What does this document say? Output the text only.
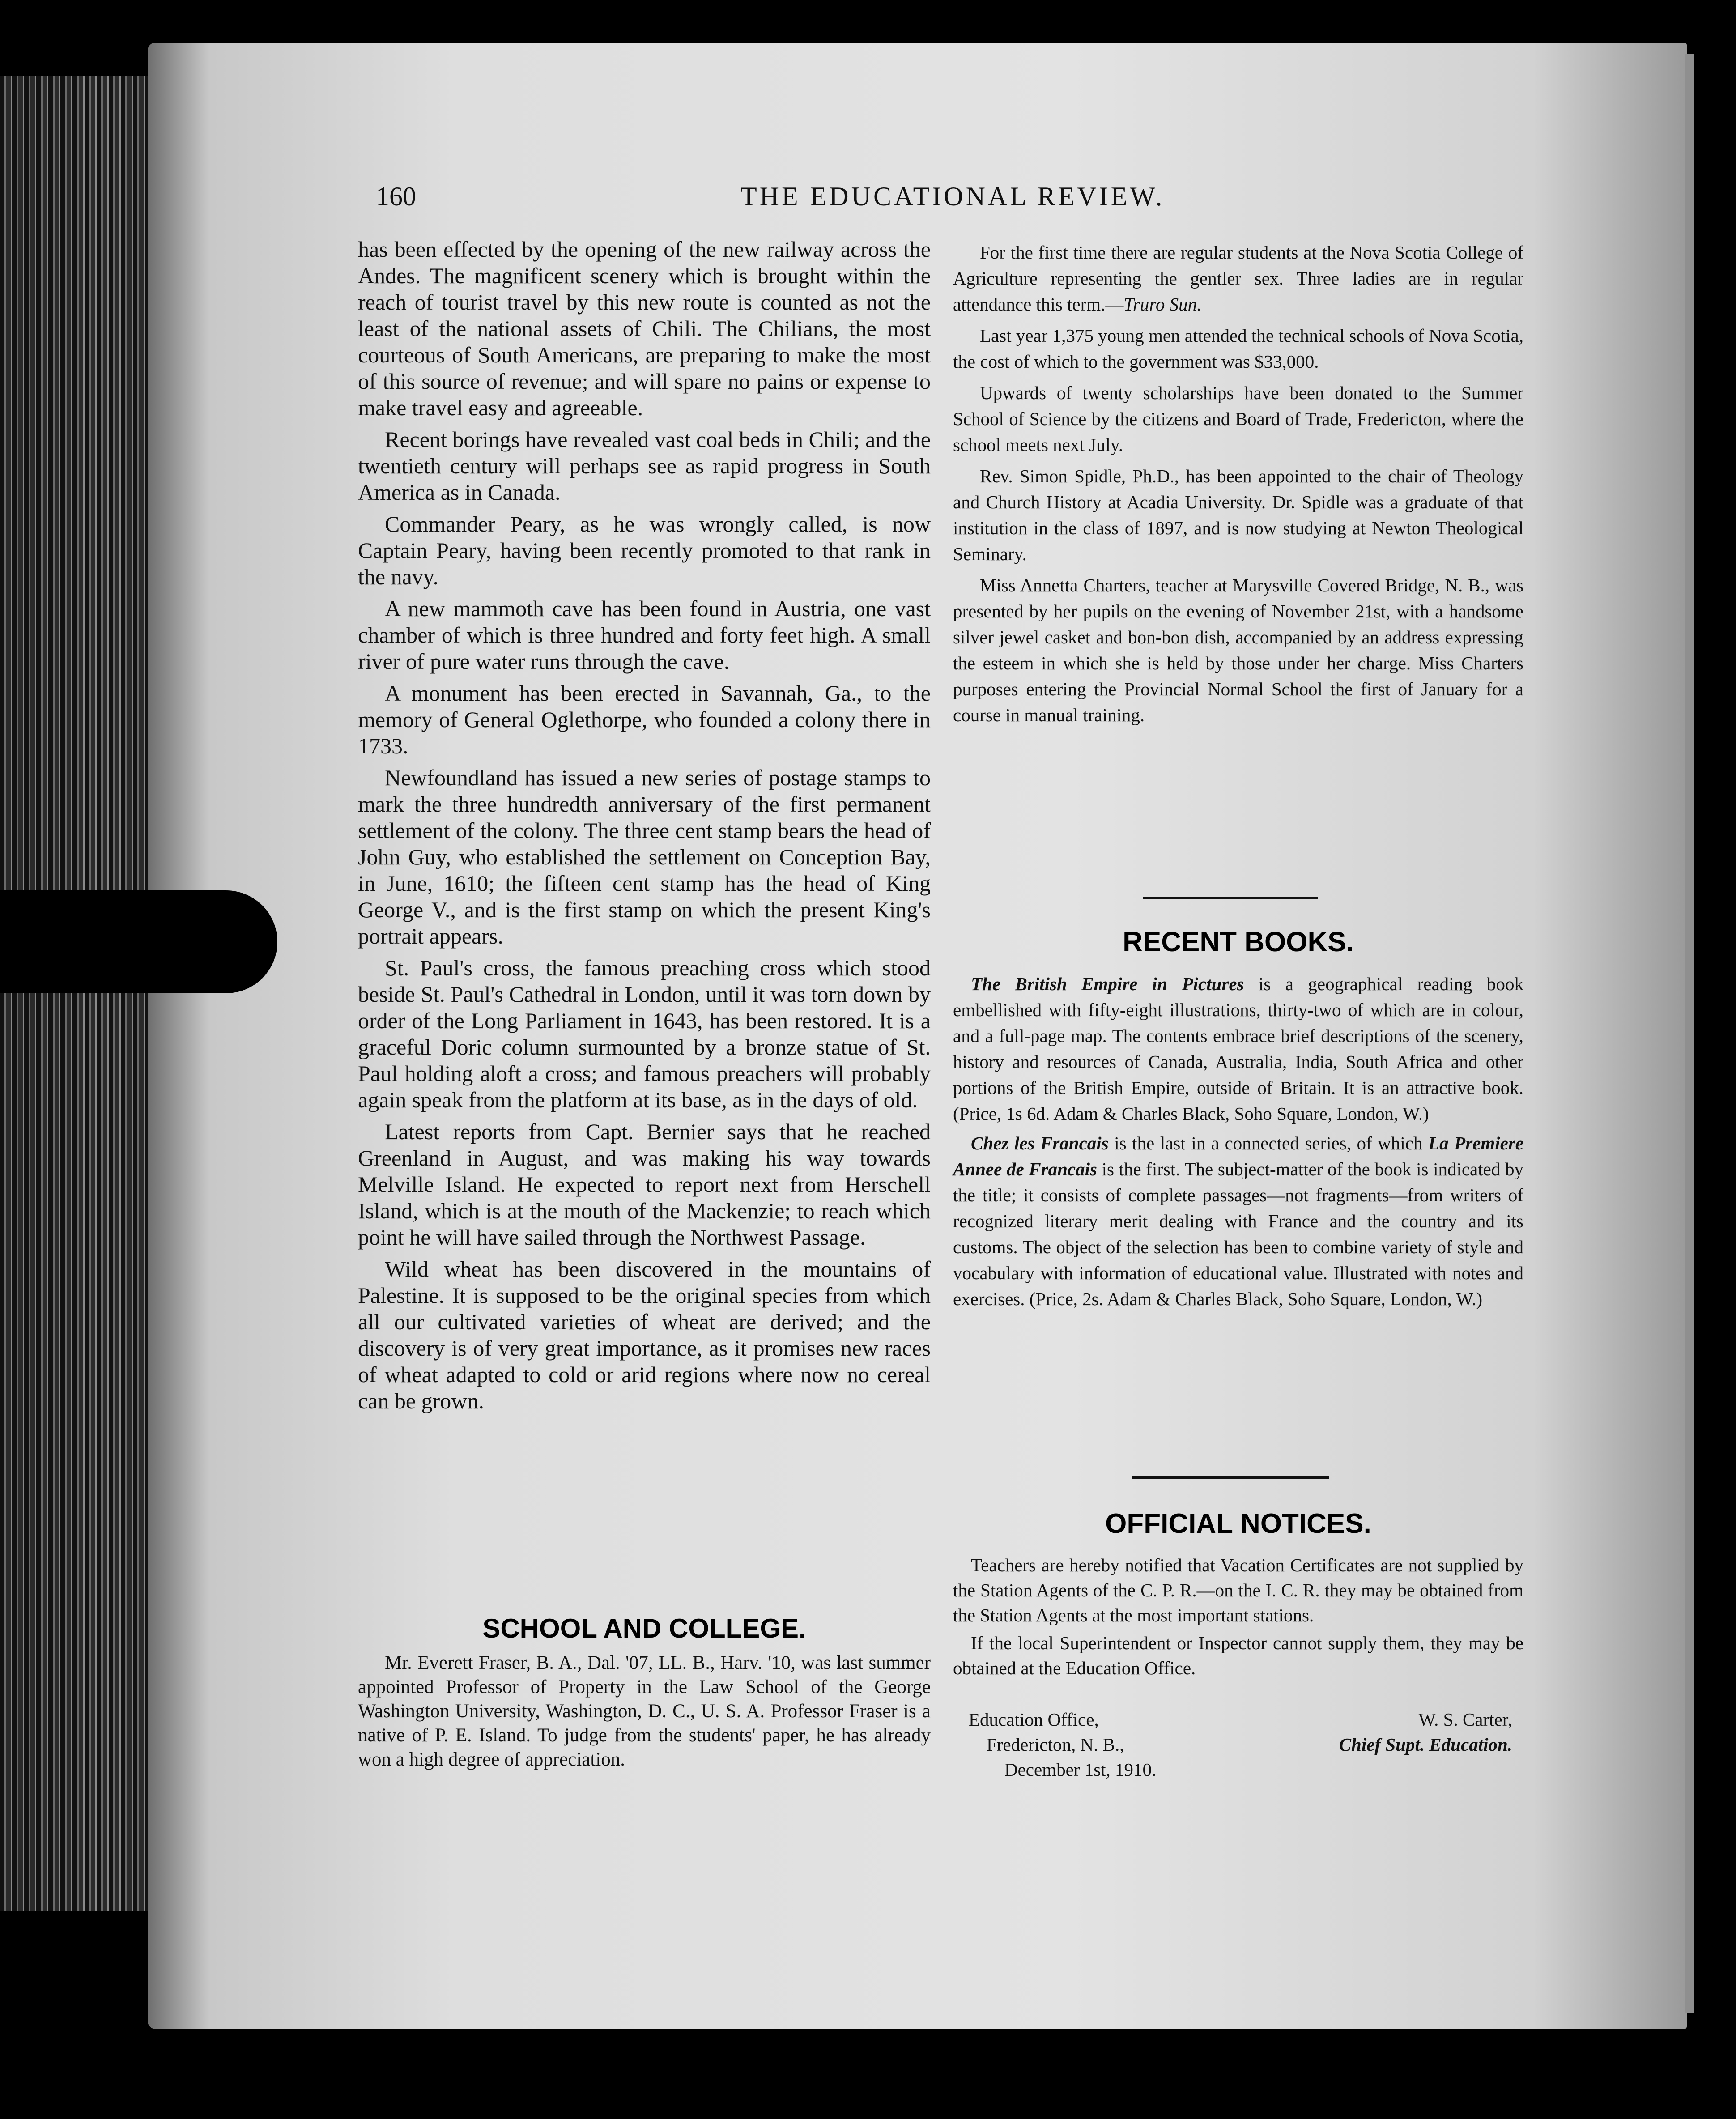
160	THE EDUCATIONAL REVIEW.

has been effected by the opening of the new railway across the Andes. The magnificent scenery which is brought within the reach of tourist travel by this new route is counted as not the least of the national assets of Chili. The Chilians, the most courteous of South Americans, are preparing to make the most of this source of revenue; and will spare no pains or expense to make travel easy and agreeable.

Recent borings have revealed vast coal beds in Chili; and the twentieth century will perhaps see as rapid progress in South America as in Canada.

Commander Peary, as he was wrongly called, is now Captain Peary, having been recently promoted to that rank in the navy.

A new mammoth cave has been found in Austria, one vast chamber of which is three hundred and forty feet high. A small river of pure water runs through the cave.

A monument has been erected in Savannah, Ga., to the memory of General Oglethorpe, who founded a colony there in 1733.

Newfoundland has issued a new series of postage stamps to mark the three hundredth anniversary of the first permanent settlement of the colony. The three cent stamp bears the head of John Guy, who established the settlement on Conception Bay, in June, 1610; the fifteen cent stamp has the head of King George V., and is the first stamp on which the present King's portrait appears.

St. Paul's cross, the famous preaching cross which stood beside St. Paul's Cathedral in London, until it was torn down by order of the Long Parliament in 1643, has been restored. It is a graceful Doric column surmounted by a bronze statue of St. Paul holding aloft a cross; and famous preachers will probably again speak from the platform at its base, as in the days of old.

Latest reports from Capt. Bernier says that he reached Greenland in August, and was making his way towards Melville Island. He expected to report next from Herschell Island, which is at the mouth of the Mackenzie; to reach which point he will have sailed through the Northwest Passage.

Wild wheat has been discovered in the mountains of Palestine. It is supposed to be the original species from which all our cultivated varieties of wheat are derived; and the discovery is of very great importance, as it promises new races of wheat adapted to cold or arid regions where now no cereal can be grown.

SCHOOL AND COLLEGE.

Mr. Everett Fraser, B. A., Dal. '07, LL. B., Harv. '10, was last summer appointed Professor of Property in the Law School of the George Washington University, Washington, D. C., U. S. A. Professor Fraser is a native of P. E. Island. To judge from the students' paper, he has already won a high degree of appreciation.

For the first time there are regular students at the Nova Scotia College of Agriculture representing the gentler sex. Three ladies are in regular attendance this term.—Truro Sun.

Last year 1,375 young men attended the technical schools of Nova Scotia, the cost of which to the government was $33,000.

Upwards of twenty scholarships have been donated to the Summer School of Science by the citizens and Board of Trade, Fredericton, where the school meets next July.

Rev. Simon Spidle, Ph.D., has been appointed to the chair of Theology and Church History at Acadia University. Dr. Spidle was a graduate of that institution in the class of 1897, and is now studying at Newton Theological Seminary.

Miss Annetta Charters, teacher at Marysville Covered Bridge, N. B., was presented by her pupils on the evening of November 21st, with a handsome silver jewel casket and bon-bon dish, accompanied by an address expressing the esteem in which she is held by those under her charge. Miss Charters purposes entering the Provincial Normal School the first of January for a course in manual training.

RECENT BOOKS.

The British Empire in Pictures is a geographical reading book embellished with fifty-eight illustrations, thirty-two of which are in colour, and a full-page map. The contents embrace brief descriptions of the scenery, history and resources of Canada, Australia, India, South Africa and other portions of the British Empire, outside of Britain. It is an attractive book. (Price, 1s 6d. Adam & Charles Black, Soho Square, London, W.)

Chez les Francais is the last in a connected series, of which La Premiere Annee de Francais is the first. The subject-matter of the book is indicated by the title; it consists of complete passages—not fragments—from writers of recognized literary merit dealing with France and the country and its customs. The object of the selection has been to combine variety of style and vocabulary with information of educational value. Illustrated with notes and exercises. (Price, 2s. Adam & Charles Black, Soho Square, London, W.)

OFFICIAL NOTICES.

Teachers are hereby notified that Vacation Certificates are not supplied by the Station Agents of the C. P. R.—on the I. C. R. they may be obtained from the Station Agents at the most important stations.

If the local Superintendent or Inspector cannot supply them, they may be obtained at the Education Office.

Education Office,
Fredericton, N. B.,
December 1st, 1910.
W. S. Carter,
Chief Supt. Education.
